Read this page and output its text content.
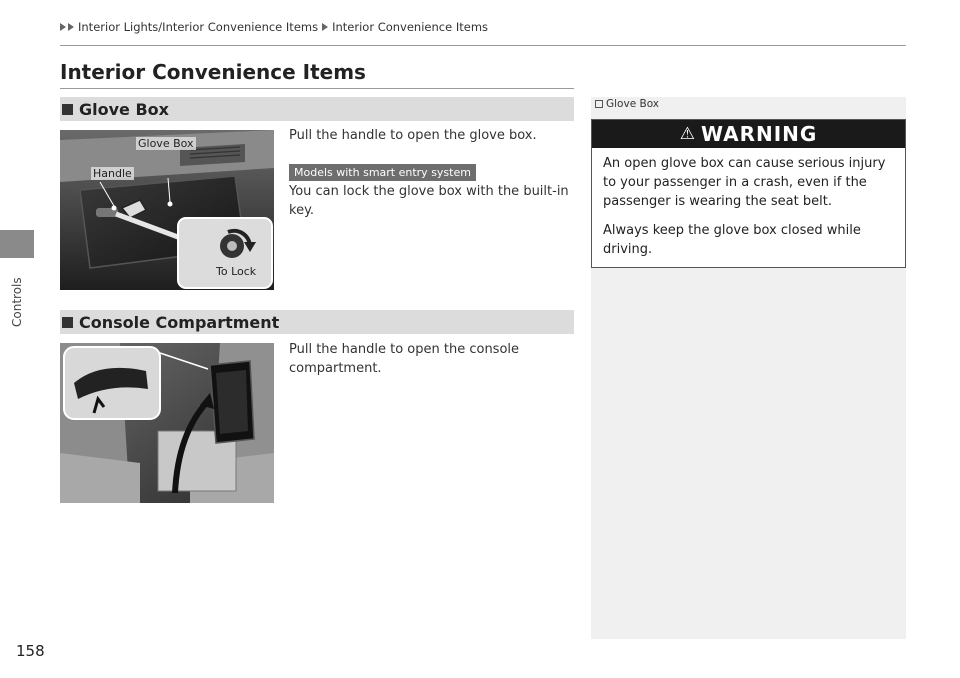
Controls
Interior Lights/Interior Convenience Items Interior Convenience Items
Interior Convenience Items
Glove Box
Glove Box
Handle
To Lock
Pull the handle to open the glove box.
Models with smart entry system
You can lock the glove box with the built-in key.
Console Compartment
Pull the handle to open the console compartment.
Glove Box
⚠ WARNING

An open glove box can cause serious injury to your passenger in a crash, even if the passenger is wearing the seat belt.

Always keep the glove box closed while driving.

158
